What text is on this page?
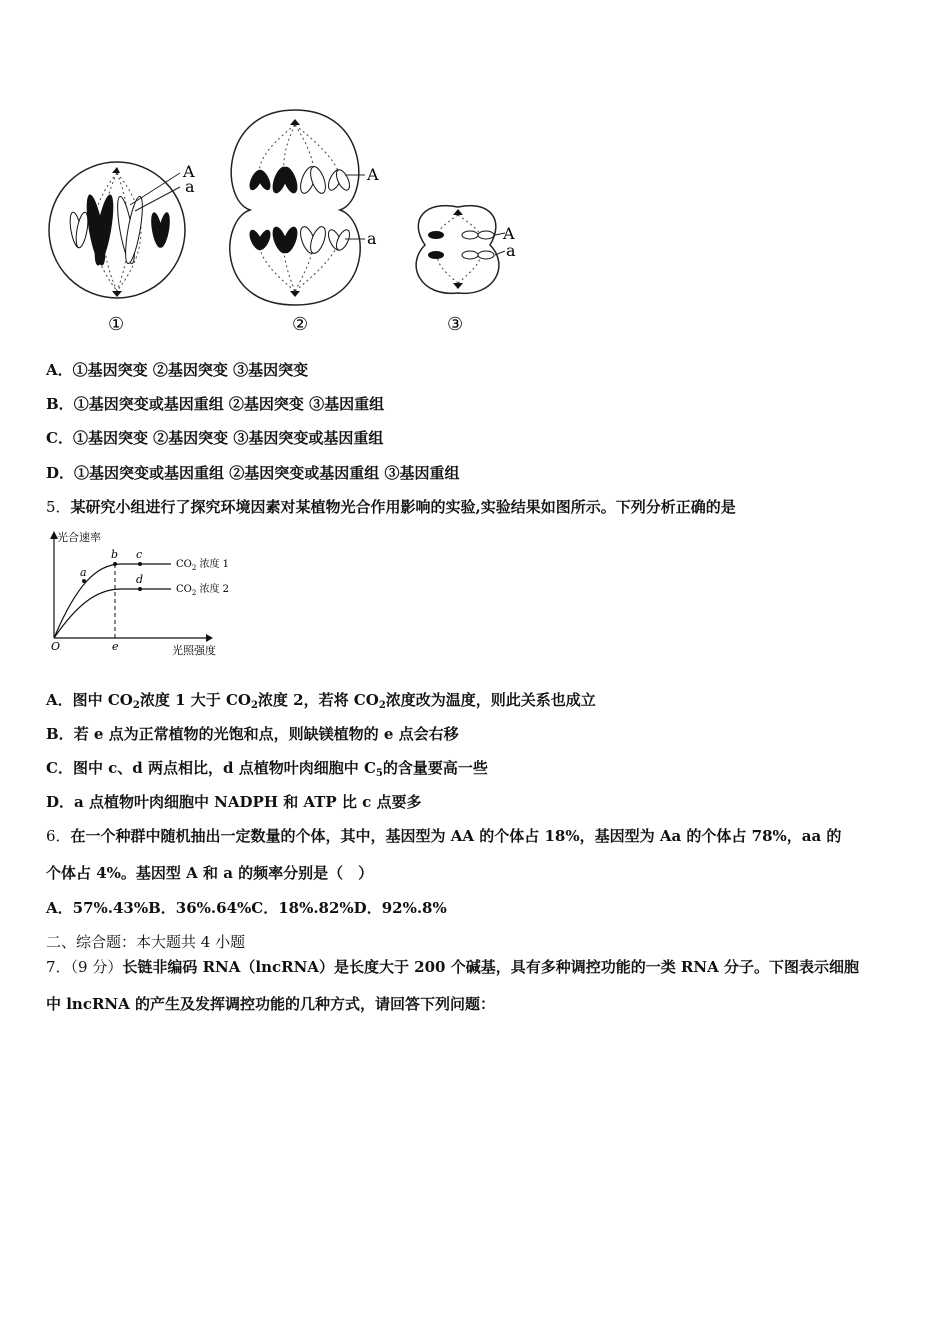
A
a
①
A
a
②
A
a
③
A．①基因突变 ②基因突变 ③基因突变
B．①基因突变或基因重组 ②基因突变 ③基因重组
C．①基因突变 ②基因突变 ③基因突变或基因重组
D．①基因突变或基因重组 ②基因突变或基因重组 ③基因重组
5．某研究小组进行了探究环境因素对某植物光合作用影响的实验,实验结果如图所示。下列分析正确的是
光合速率
光照强度
O
a
b c
d
e
$CO_2$ 浓度 1
$CO_2$ 浓度 2
A．图中 $CO_2$浓度 1 大于 $CO_2$浓度 2，若将 $CO_2$浓度改为温度，则此关系也成立
B．若 e 点为正常植物的光饱和点，则缺镁植物的 e 点会右移
C．图中 c、d 两点相比，d 点植物叶肉细胞中 $C_5$的含量要高一些
D．a 点植物叶肉细胞中 NADPH 和 ATP 比 c 点要多
6．在一个种群中随机抽出一定数量的个体，其中，基因型为 AA 的个体占 18%，基因型为 Aa 的个体占 78%，aa 的
个体占 4%。基因型 A 和 a 的频率分别是（　）
A．57%.43%B．36%.64%C．18%.82%D．92%.8%
二、综合题：本大题共 4 小题
7．（9 分）长链非编码 RNA（lncRNA）是长度大于 200 个碱基，具有多种调控功能的一类 RNA 分子。下图表示细胞
中 lncRNA 的产生及发挥调控功能的几种方式，请回答下列问题：
